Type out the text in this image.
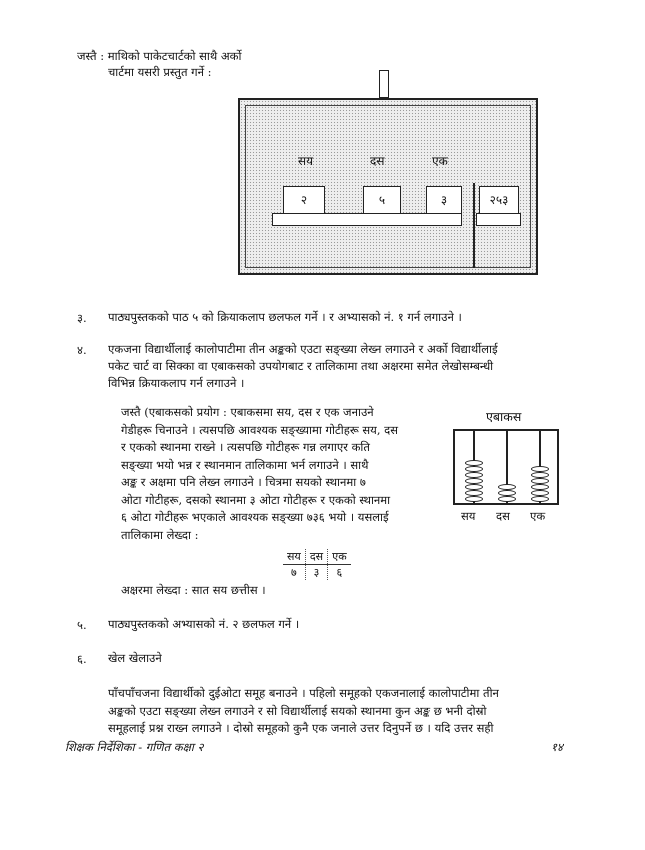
जस्तै : माथिको पाकेटचार्टको साथै अर्को
चार्टमा यसरी प्रस्तुत गर्ने :
सय	दस	एक
२	५	३	२५३
३. पाठ्यपुस्तकको पाठ ५ को क्रियाकलाप छलफल गर्ने । र अभ्यासको नं. १ गर्न लगाउने ।
४. एकजना विद्यार्थीलाई कालोपाटीमा तीन अङ्कको एउटा सङ्ख्या लेख्न लगाउने र अर्को विद्यार्थीलाई
पकेट चार्ट वा सिक्का वा एबाकसको उपयोगबाट र तालिकामा तथा अक्षरमा समेत लेखोसम्बन्धी
विभिन्न क्रियाकलाप गर्न लगाउने ।
जस्तै (एबाकसको प्रयोग : एबाकसमा सय, दस र एक जनाउने
गेडीहरू चिनाउने । त्यसपछि आवश्यक सङ्ख्यामा गोटीहरू सय, दस
र एकको स्थानमा राख्ने । त्यसपछि गोटीहरू गन्न लगाएर कति
सङ्ख्या भयो भन्न र स्थानमान तालिकामा भर्न लगाउने । साथै
अङ्क र अक्षमा पनि लेख्न लगाउने । चित्रमा सयको स्थानमा ७
ओटा गोटीहरू, दसको स्थानमा ३ ओटा गोटीहरू र एकको स्थानमा
६ ओटा गोटीहरू भएकाले आवश्यक सङ्ख्या ७३६ भयो । यसलाई
तालिकामा लेख्दा :
एबाकस
सय दस एक
सय	दस	एक
७	३	६
अक्षरमा लेख्दा : सात सय छत्तीस ।
५. पाठ्यपुस्तकको अभ्यासको नं. २ छलफल गर्ने ।
६. खेल खेलाउने
पाँचपाँचजना विद्यार्थीको दुईओटा समूह बनाउने । पहिलो समूहको एकजनालाई कालोपाटीमा तीन
अङ्कको एउटा सङ्ख्या लेख्न लगाउने र सो विद्यार्थीलाई सयको स्थानमा कुन अङ्क छ भनी दोस्रो
समूहलाई प्रश्न राख्न लगाउने । दोस्रो समूहको कुनै एक जनाले उत्तर दिनुपर्ने छ । यदि उत्तर सही
शिक्षक निर्देशिका - गणित कक्षा २	१४
